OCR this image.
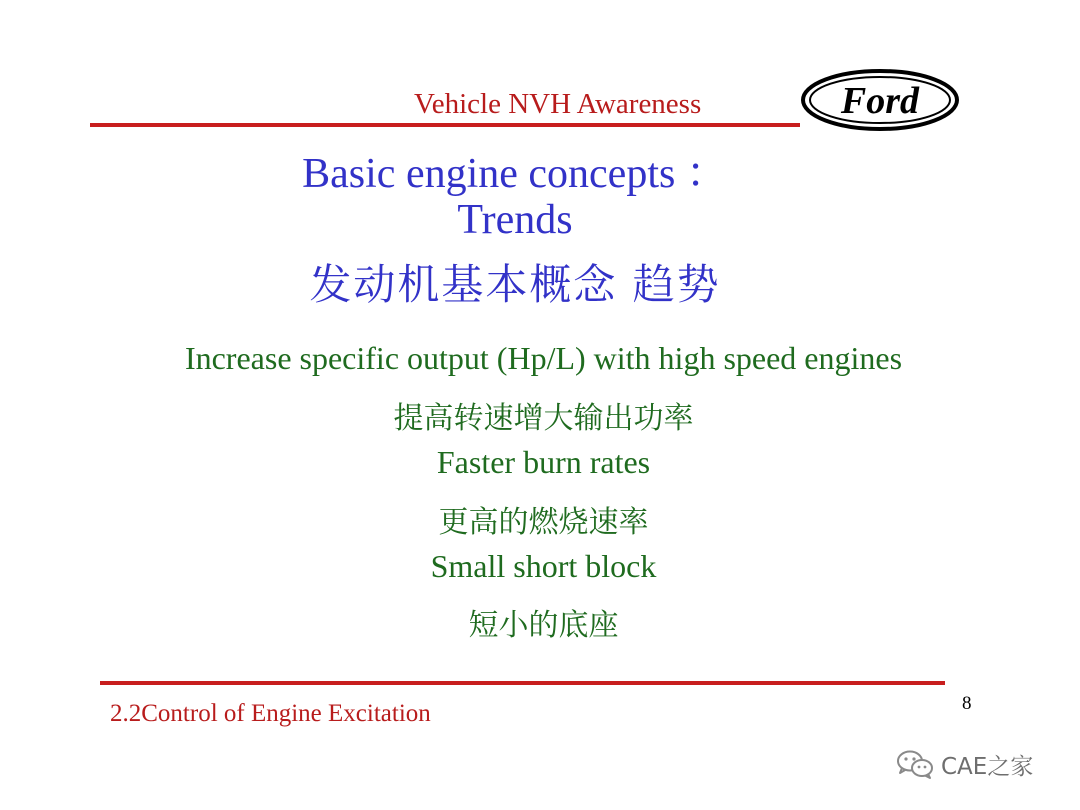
Vehicle NVH Awareness	Ford
Basic engine concepts ：
Trends
发动机基本概念 趋势
Increase specific output (Hp/L) with high speed engines
提高转速增大输出功率
Faster burn rates
更高的燃烧速率
Small short block
短小的底座
2.2Control of Engine Excitation	8
CAE之家
